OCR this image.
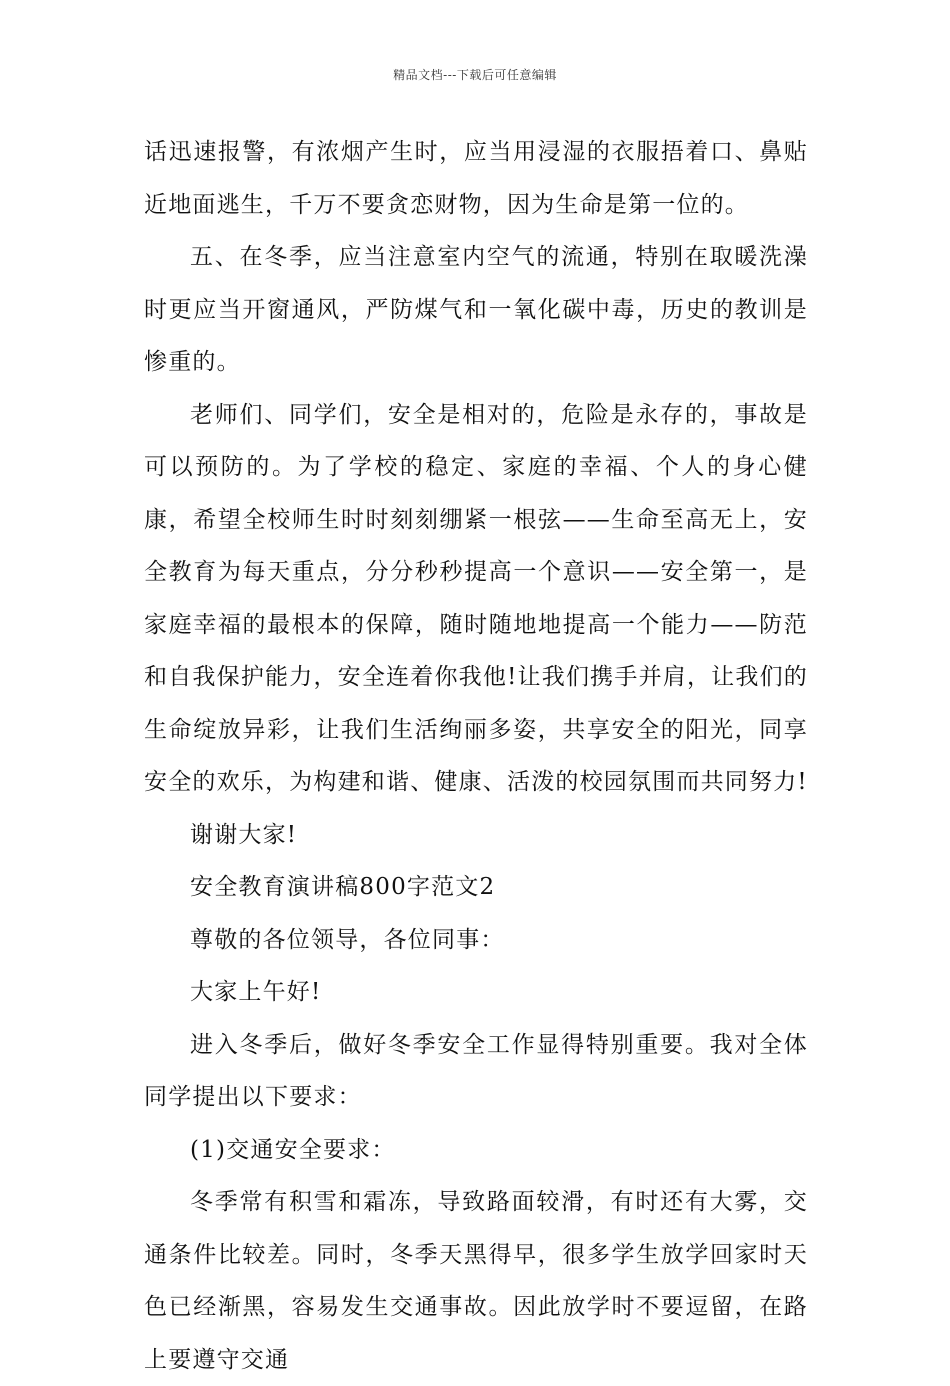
精品文档---下载后可任意编辑

话迅速报警，有浓烟产生时，应当用浸湿的衣服捂着口、鼻贴近地面逃生，千万不要贪恋财物，因为生命是第一位的。

五、在冬季，应当注意室内空气的流通，特别在取暖洗澡时更应当开窗通风，严防煤气和一氧化碳中毒，历史的教训是惨重的。

老师们、同学们，安全是相对的，危险是永存的，事故是可以预防的。为了学校的稳定、家庭的幸福、个人的身心健康，希望全校师生时时刻刻绷紧一根弦——生命至高无上，安全教育为每天重点，分分秒秒提高一个意识——安全第一，是家庭幸福的最根本的保障，随时随地地提高一个能力——防范和自我保护能力，安全连着你我他!让我们携手并肩，让我们的生命绽放异彩，让我们生活绚丽多姿，共享安全的阳光，同享安全的欢乐，为构建和谐、健康、活泼的校园氛围而共同努力!

谢谢大家!

安全教育演讲稿800字范文2

尊敬的各位领导，各位同事：

大家上午好!

进入冬季后，做好冬季安全工作显得特别重要。我对全体同学提出以下要求：

(1)交通安全要求：

冬季常有积雪和霜冻，导致路面较滑，有时还有大雾，交通条件比较差。同时，冬季天黑得早，很多学生放学回家时天色已经渐黑，容易发生交通事故。因此放学时不要逗留，在路上要遵守交通
